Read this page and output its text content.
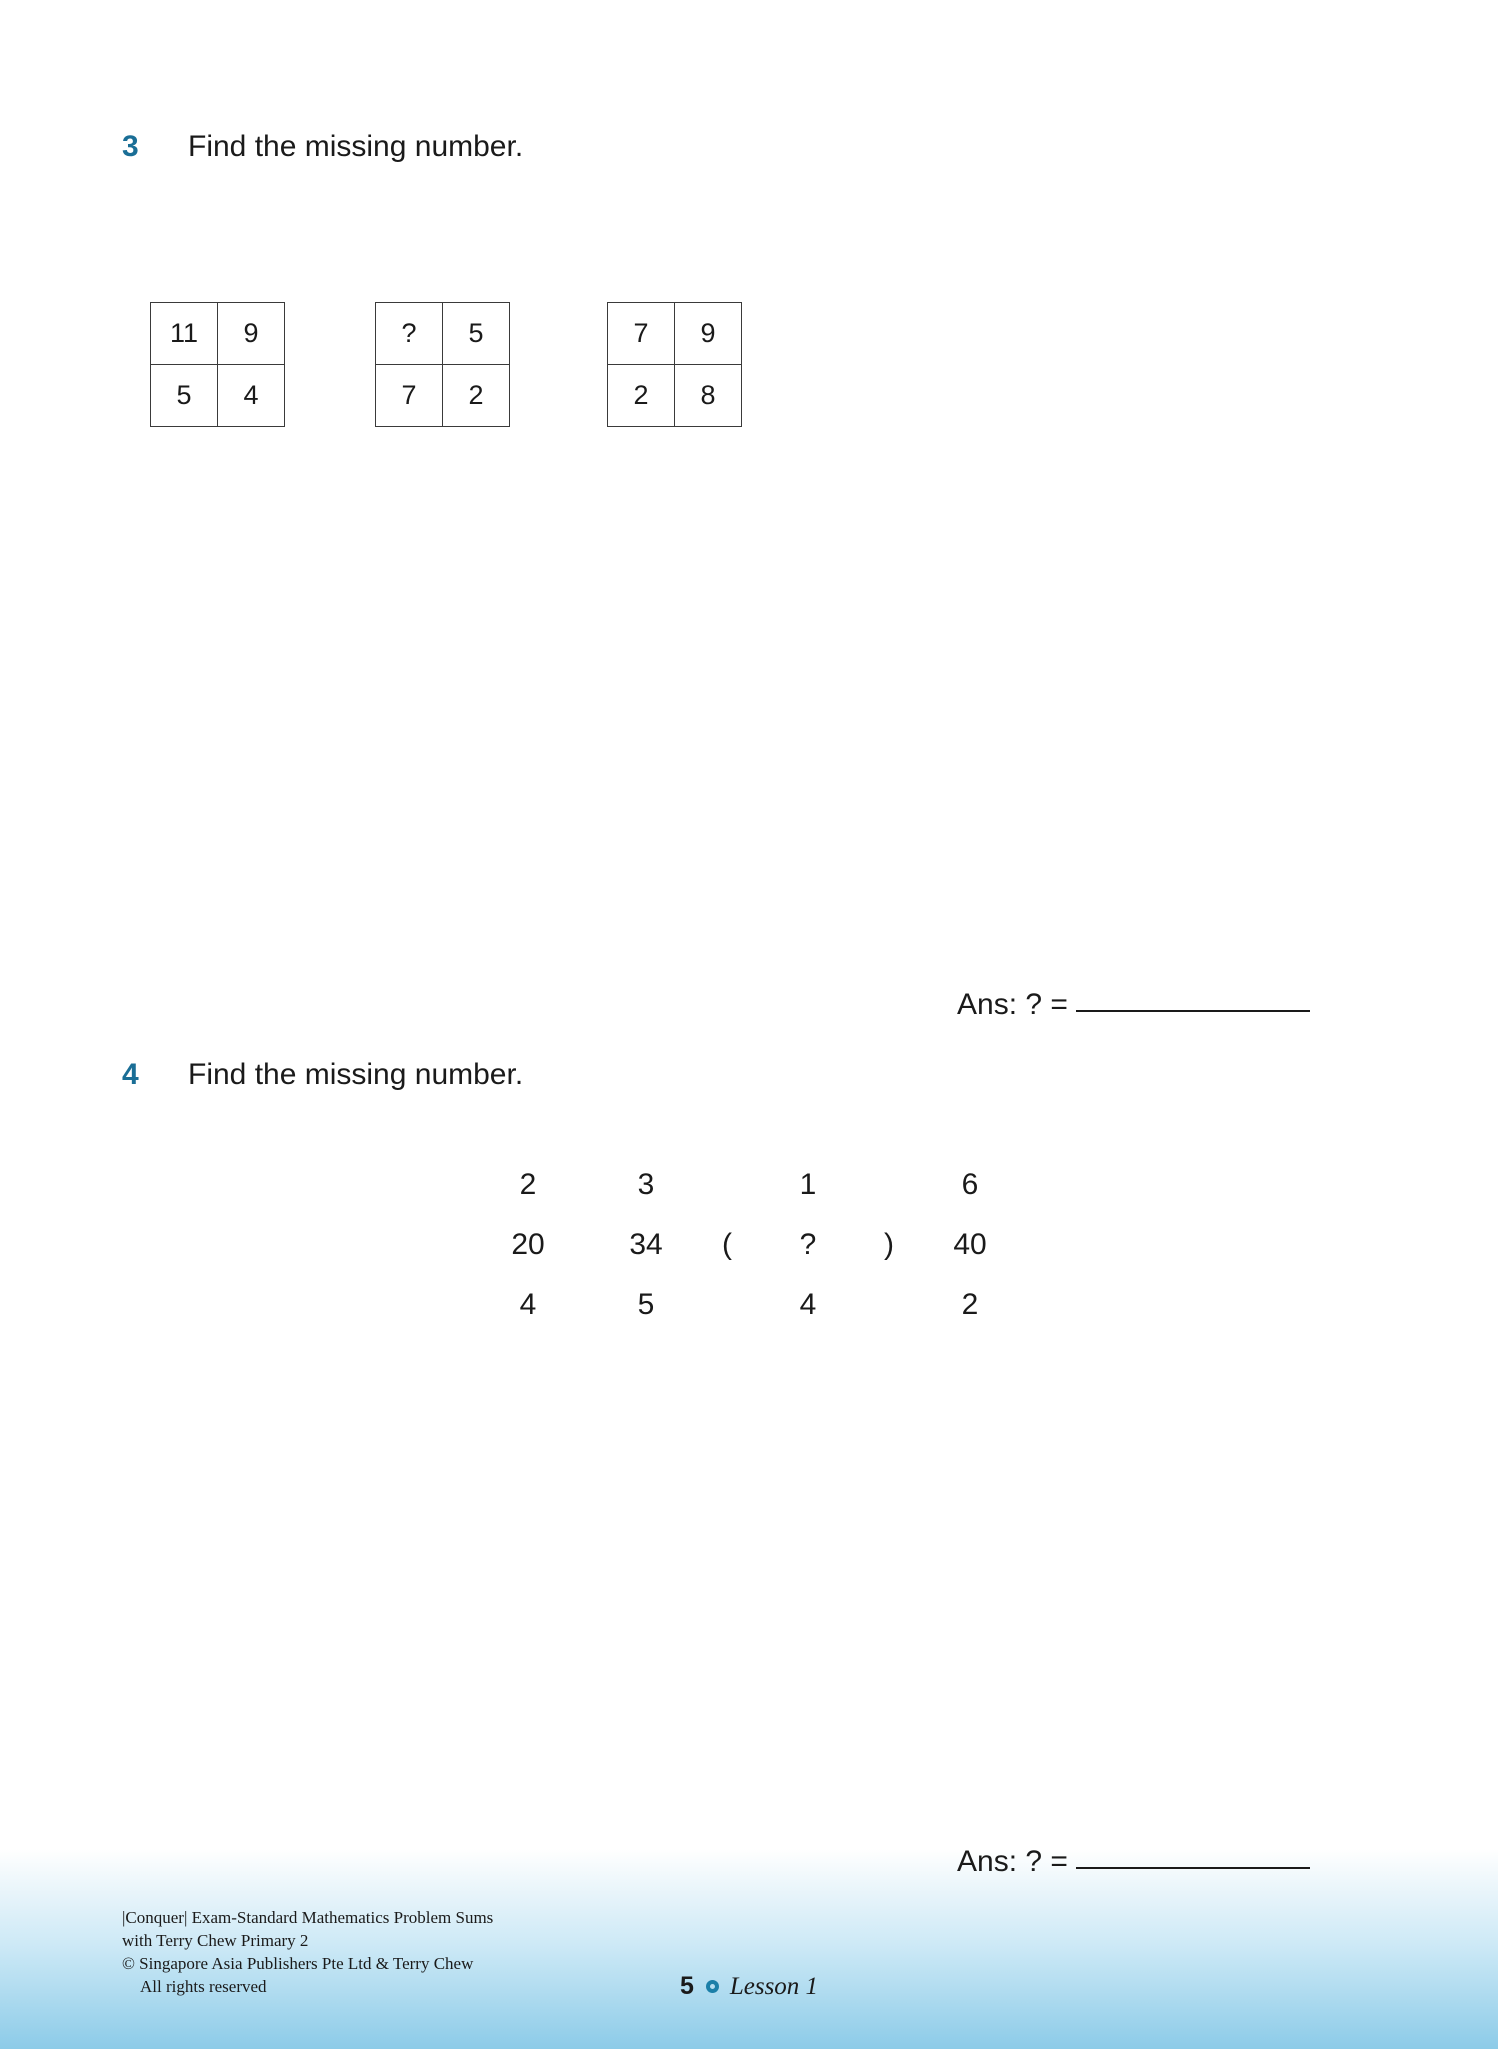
3	Find the missing number.
11	9
5	4
?	5
7	2
7	9
2	8
Ans: ? =
4	Find the missing number.
2	3		1		6
20	34	(	?	)	40
4	5		4		2
Ans: ? =
|Conquer| Exam-Standard Mathematics Problem Sums
with Terry Chew Primary 2
© Singapore Asia Publishers Pte Ltd & Terry Chew
All rights reserved	5 Lesson 1
